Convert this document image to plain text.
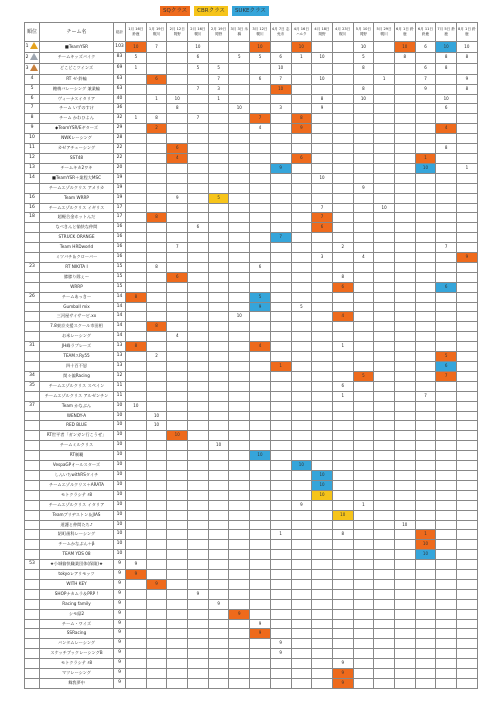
SQクラス	CBRクラス	SUKEクラス
順位	チーム名	総計	1月 16日 鈴鹿	1月 19日 幌川	2月 12日 岡野	2月 16日 幌川	2月 19日 岡野	3月 3日 氷橋	3月 12日 幌川	4月 7日 志免市	4月 16日 ハルク	4月 18日 岡野	4月 23日 幌川	5月 10日 岡野	5月 29日 幌川	6月 1日 鈴鹿	6月 11日 鈴鹿	7月 5日 鈴鹿	8月 1日 鈴鹿
1	■TeamYSR	103	10	7		10			10		10			10		10	6	10	10
2	チームキッズバイク	83	5			6		5	5	6	1	10		5		8		8	8
3	どこどこツインズ	69	1			5	5			10				8			6	8	
4	RT ゼ-鈴輪	63		6			7		6	7		10			1		7		9
5	糖梅バレーシング 兼業輪	63				7	3			10				8			9		8
6	ヴィーナスイタリア	40		1	10		1					8		10				10	
7	チーム いずのすけ	36			8			10		3		9						6	
8	チーム かわひよん	32	1	8		7			7		8								
9	◆TeamYSR/Eギターズ	29		2					4		9							4	
10	NWKレーシング	28																	
11	カゼアチェーシング	22			6													8	
12	SST48	22			4						6						1		
13	チームキカ2ワキ	20								9							10		1
14	■TeamYSR＋業程大MSC	19										10							
	チームエゾルクリス アメリカ	19												9					
16	Team WRRP	19			9		5												
16	チームエゾルクリス イギリス	17										7			10				
18	超軽合金ホットんだ	17		8								7							
	なべきんと愉快な仲間	16				6						6							
	STRUCK ORANGE	16								7									
	Team HRDworld	16			7								2					7	
	ミツバチ＆クローバー	16										3		4					9
23	RT NIKITA Ⅰ	15		8					6										
	膝膝り隊ぇ〜	15			6								8						
	WRRP	15											6					6	
26	チームあっきー	14	8						5										
	Gumball mix	14							9		5								
	三河屋サイサービ.xx	14						10					4						
	7.8東京支援スクール市田相	14		8															
	お米レーシング	14			4														
31	JH峰ラプレーズ	13	8						4				1						
	TEAMスRy55	13		2														5	
	四十百不怒	13								1								6	
34	関々偏Racing	12												5				7	
35	チームエゾルクリス スペイン	11											6						
	チームエゾルクリス アルゼンチン	11											1				7		
37	Team かなぶん	10	10																
	WENDY-A	10		10															
	RED BLUE	10		10															
	RT世平者「ガンガン行こうぜ」	10			10														
	チームミルクリス	10					10												
	RT制覇	10							10										
	VespaGPオールスターズ	10									10								
	しんいちwithRSタイチ	10										10							
	チームエゾルクリス＋ARATA	10										10							
	モトクラシテ ♯8	10										10							
	チームエゾルクリス イタリア	10									9			1					
	Teamブリヂストン＆JIAS	10											10						
	道護と仲間たち♪	10														10			
	紹町歯科レーシング	10								1			8				1		
	チームかなぶん＋β	10															10		
	TEAM YDS 08	10															10		
53	★小城愉快職業団体(保険)★	9	9																
	tokyoレアリモッツ	9	9																
	WITH KEY	9		9															
	SHOPナカムラ＆PRP !	9				9													
	Racing family	9					9												
	シモ邸2	9						9											
	チーム・ワイズ	9							9										
	SSRacing	9							9										
	バンタムレーシング	9								9									
	スケッチブックレーシングB	9								9									
	モトクラシテ ♯8	9											9						
	マツレーシング	9											9						
	舞我夢中	9											9						
